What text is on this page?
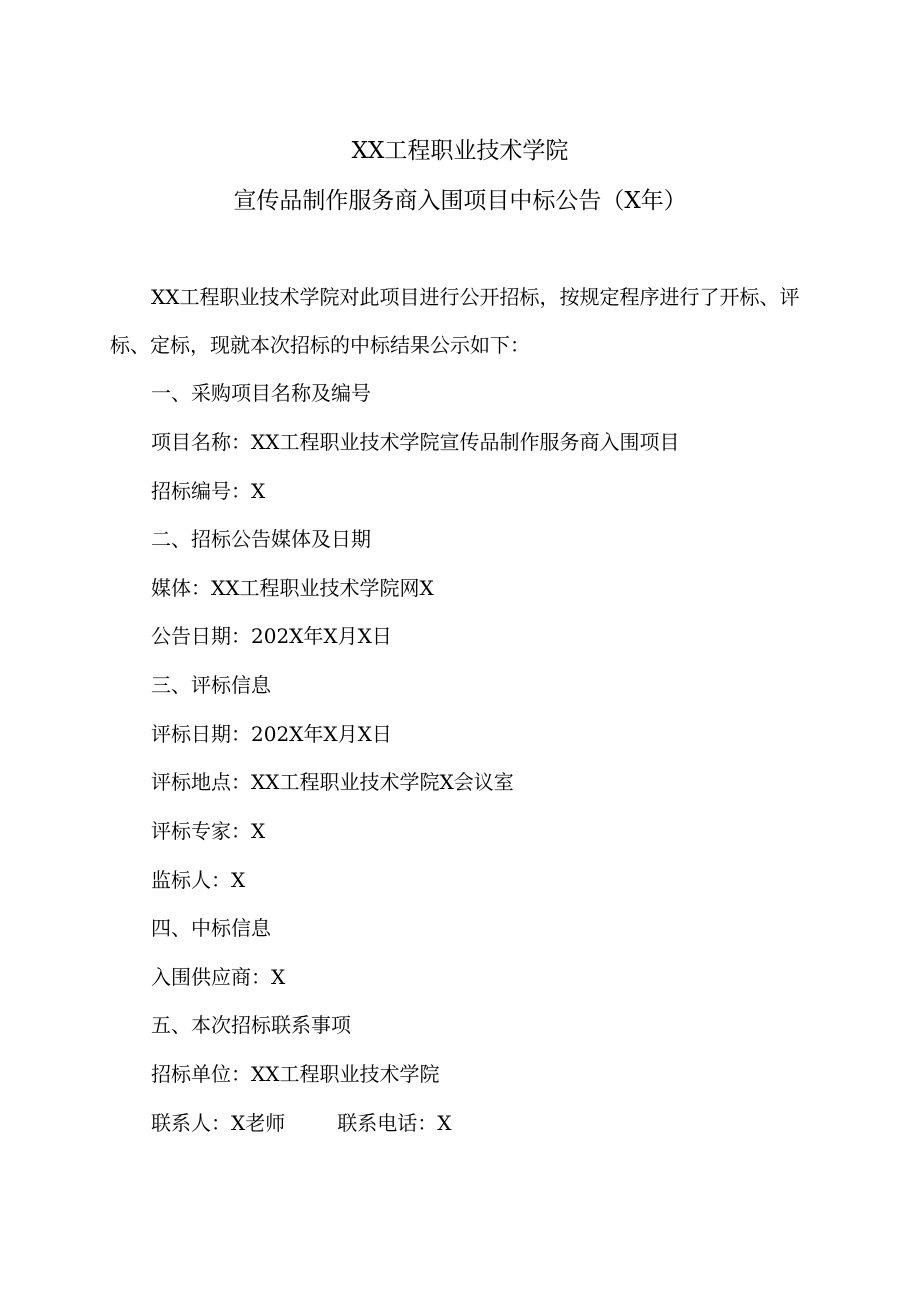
XX工程职业技术学院
宣传品制作服务商入围项目中标公告（X年）
XX工程职业技术学院对此项目进行公开招标，按规定程序进行了开标、评标、定标，现就本次招标的中标结果公示如下：
一、采购项目名称及编号
项目名称：XX工程职业技术学院宣传品制作服务商入围项目
招标编号：X
二、招标公告媒体及日期
媒体：XX工程职业技术学院网X
公告日期：202X年X月X日
三、评标信息
评标日期：202X年X月X日
评标地点：XX工程职业技术学院X会议室
评标专家：X
监标人：X
四、中标信息
入围供应商：X
五、本次招标联系事项
招标单位：XX工程职业技术学院
联系人：X老师	联系电话：X
